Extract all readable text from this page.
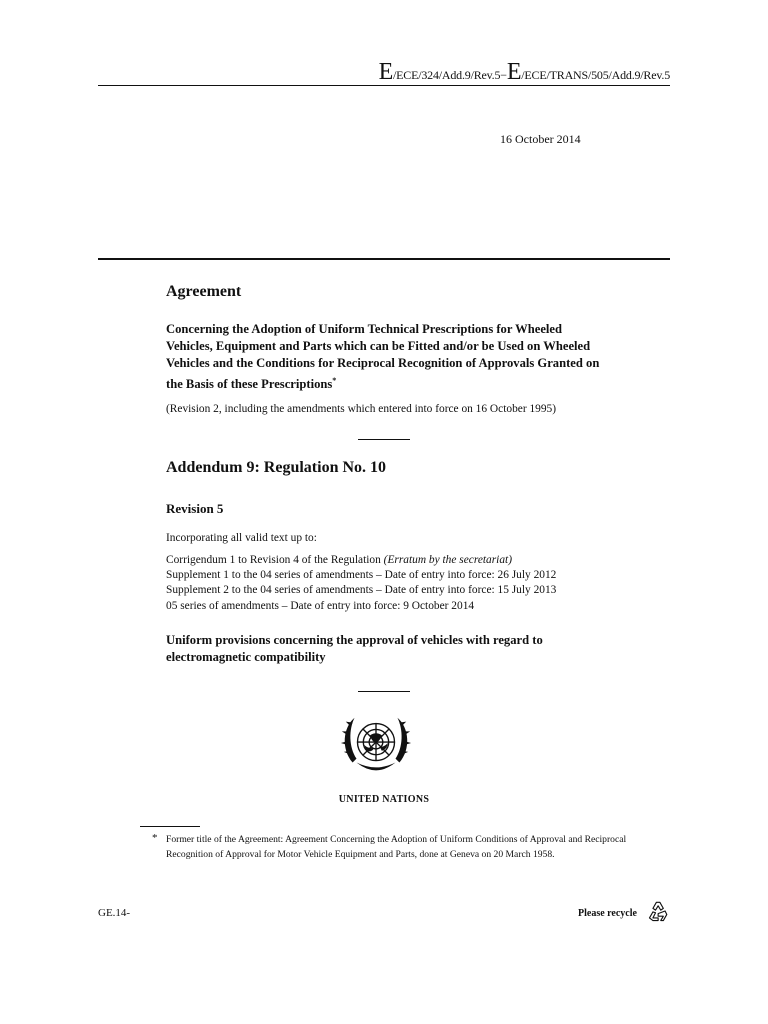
E/ECE/324/Add.9/Rev.5−E/ECE/TRANS/505/Add.9/Rev.5
16 October 2014
Agreement
Concerning the Adoption of Uniform Technical Prescriptions for Wheeled Vehicles, Equipment and Parts which can be Fitted and/or be Used on Wheeled Vehicles and the Conditions for Reciprocal Recognition of Approvals Granted on the Basis of these Prescriptions*
(Revision 2, including the amendments which entered into force on 16 October 1995)
Addendum 9: Regulation No. 10
Revision 5
Incorporating all valid text up to:
Corrigendum 1 to Revision 4 of the Regulation (Erratum by the secretariat)
Supplement 1 to the 04 series of amendments – Date of entry into force: 26 July 2012
Supplement 2 to the 04 series of amendments – Date of entry into force: 15 July 2013
05 series of amendments – Date of entry into force: 9 October 2014
Uniform provisions concerning the approval of vehicles with regard to electromagnetic compatibility
UNITED NATIONS
* Former title of the Agreement: Agreement Concerning the Adoption of Uniform Conditions of Approval and Reciprocal Recognition of Approval for Motor Vehicle Equipment and Parts, done at Geneva on 20 March 1958.
GE.14-	Please recycle
